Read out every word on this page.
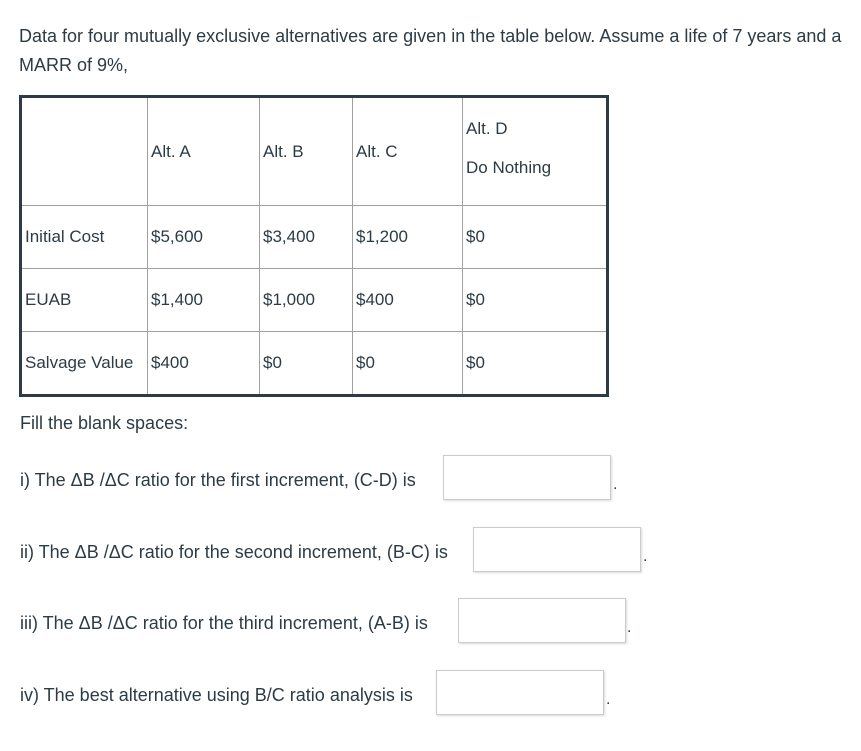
Data for four mutually exclusive alternatives are given in the table below. Assume a life of 7 years and a MARR of 9%,
	Alt. A	Alt. B	Alt. C	Alt. D
Do Nothing

Initial Cost	$5,600	$3,400	$1,200	$0
EUAB	$1,400	$1,000	$400	$0
Salvage Value	$400	$0	$0	$0
Fill the blank spaces:
i) The ΔB /ΔC ratio for the first increment, (C-D) is	.
ii) The ΔB /ΔC ratio for the second increment, (B-C) is	.
iii) The ΔB /ΔC ratio for the third increment, (A-B) is	.
iv) The best alternative using B/C ratio analysis is	.
